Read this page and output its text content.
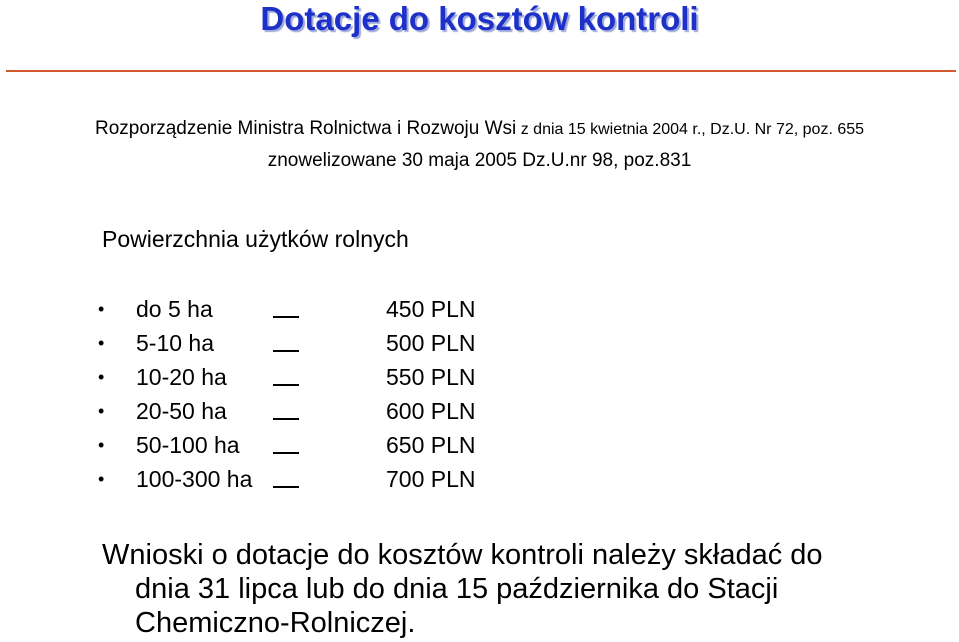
Dotacje do kosztów kontroli
Rozporządzenie Ministra Rolnictwa i Rozwoju Wsi z dnia 15 kwietnia 2004 r., Dz.U. Nr 72, poz. 655
znowelizowane 30 maja 2005 Dz.U.nr 98, poz.831
Powierzchnia użytków rolnych
• do 5 ha	450 PLN
• 5-10 ha	500 PLN
• 10-20 ha	550 PLN
• 20-50 ha	600 PLN
• 50-100 ha	650 PLN
• 100-300 ha	700 PLN
Wnioski o dotacje do kosztów kontroli należy składać do
dnia 31 lipca lub do dnia 15 października do Stacji Chemiczno-Rolniczej.
